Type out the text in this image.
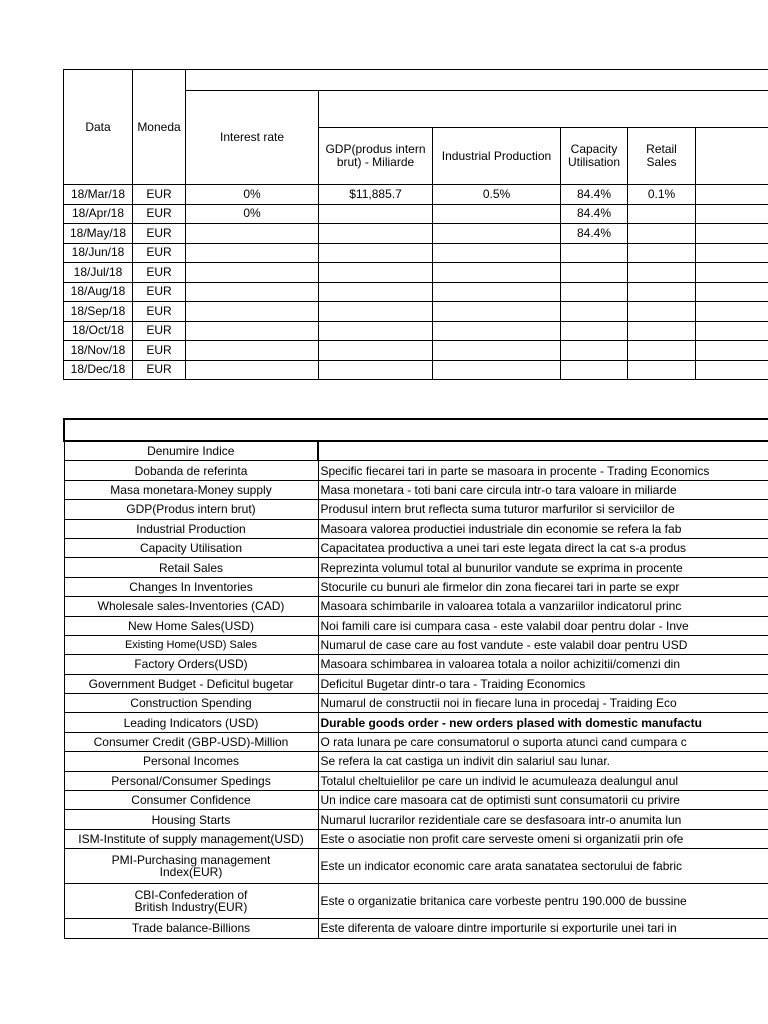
Data	Moneda						
		Interest rate					
			GDP(produs intern brut) - Miliarde	Industrial Production	Capacity Utilisation	Retail Sales	
18/Mar/18	EUR	0%	$11,885.7	0.5%	84.4%	0.1%	
18/Apr/18	EUR	0%			84.4%		
18/May/18	EUR				84.4%		
18/Jun/18	EUR						
18/Jul/18	EUR						
18/Aug/18	EUR						
18/Sep/18	EUR						
18/Oct/18	EUR						
18/Nov/18	EUR						
18/Dec/18	EUR						

Denumire Indice	
Dobanda de referinta	Specific fiecarei tari in parte se masoara in procente - Trading Economics
Masa monetara-Money supply	Masa monetara - toti bani care circula intr-o tara valoare in miliarde
GDP(Produs intern brut)	Produsul intern brut reflecta suma tuturor marfurilor si serviciilor de
Industrial Production	Masoara valorea productiei industriale din economie se refera la fab
Capacity Utilisation	Capacitatea productiva a unei tari este legata direct la cat s-a produs
Retail Sales	Reprezinta volumul total al bunurilor vandute se exprima in procente
Changes In Inventories	Stocurile cu bunuri ale firmelor din zona fiecarei tari in parte se expr
Wholesale sales-Inventories (CAD)	Masoara schimbarile in valoarea totala a vanzariilor indicatorul princ
New Home Sales(USD)	Noi famili care isi cumpara casa - este valabil doar pentru dolar - Inve
Existing Home(USD) Sales	Numarul de case care au fost vandute - este valabil doar pentru USD
Factory Orders(USD)	Masoara schimbarea in valoarea totala a noilor achizitii/comenzi din
Government Budget - Deficitul bugetar	Deficitul Bugetar dintr-o tara - Traiding Economics
Construction Spending	Numarul de constructii noi in fiecare luna in procedaj - Traiding Eco
Leading Indicators (USD)	Durable goods order - new orders plased with domestic manufactu
Consumer Credit (GBP-USD)-Million	O rata lunara pe care consumatorul o suporta atunci cand cumpara c
Personal Incomes	Se refera la cat castiga un indivit din salariul sau lunar.
Personal/Consumer Spedings	Totalul cheltuielilor pe care un individ le acumuleaza dealungul anul
Consumer Confidence	Un indice care masoara cat de optimisti sunt consumatorii cu privire
Housing Starts	Numarul lucrarilor rezidentiale care se desfasoara intr-o anumita lun
ISM-Institute of supply management(USD)	Este o asociatie non profit care serveste omeni si organizatii prin ofe
PMI-Purchasing management Index(EUR)	Este un indicator economic care arata sanatatea sectorului de fabric
CBI-Confederation of British Industry(EUR)	Este o organizatie britanica care vorbeste pentru 190.000 de bussine
Trade balance-Billions	Este diferenta de valoare dintre importurile si exporturile unei tari in
